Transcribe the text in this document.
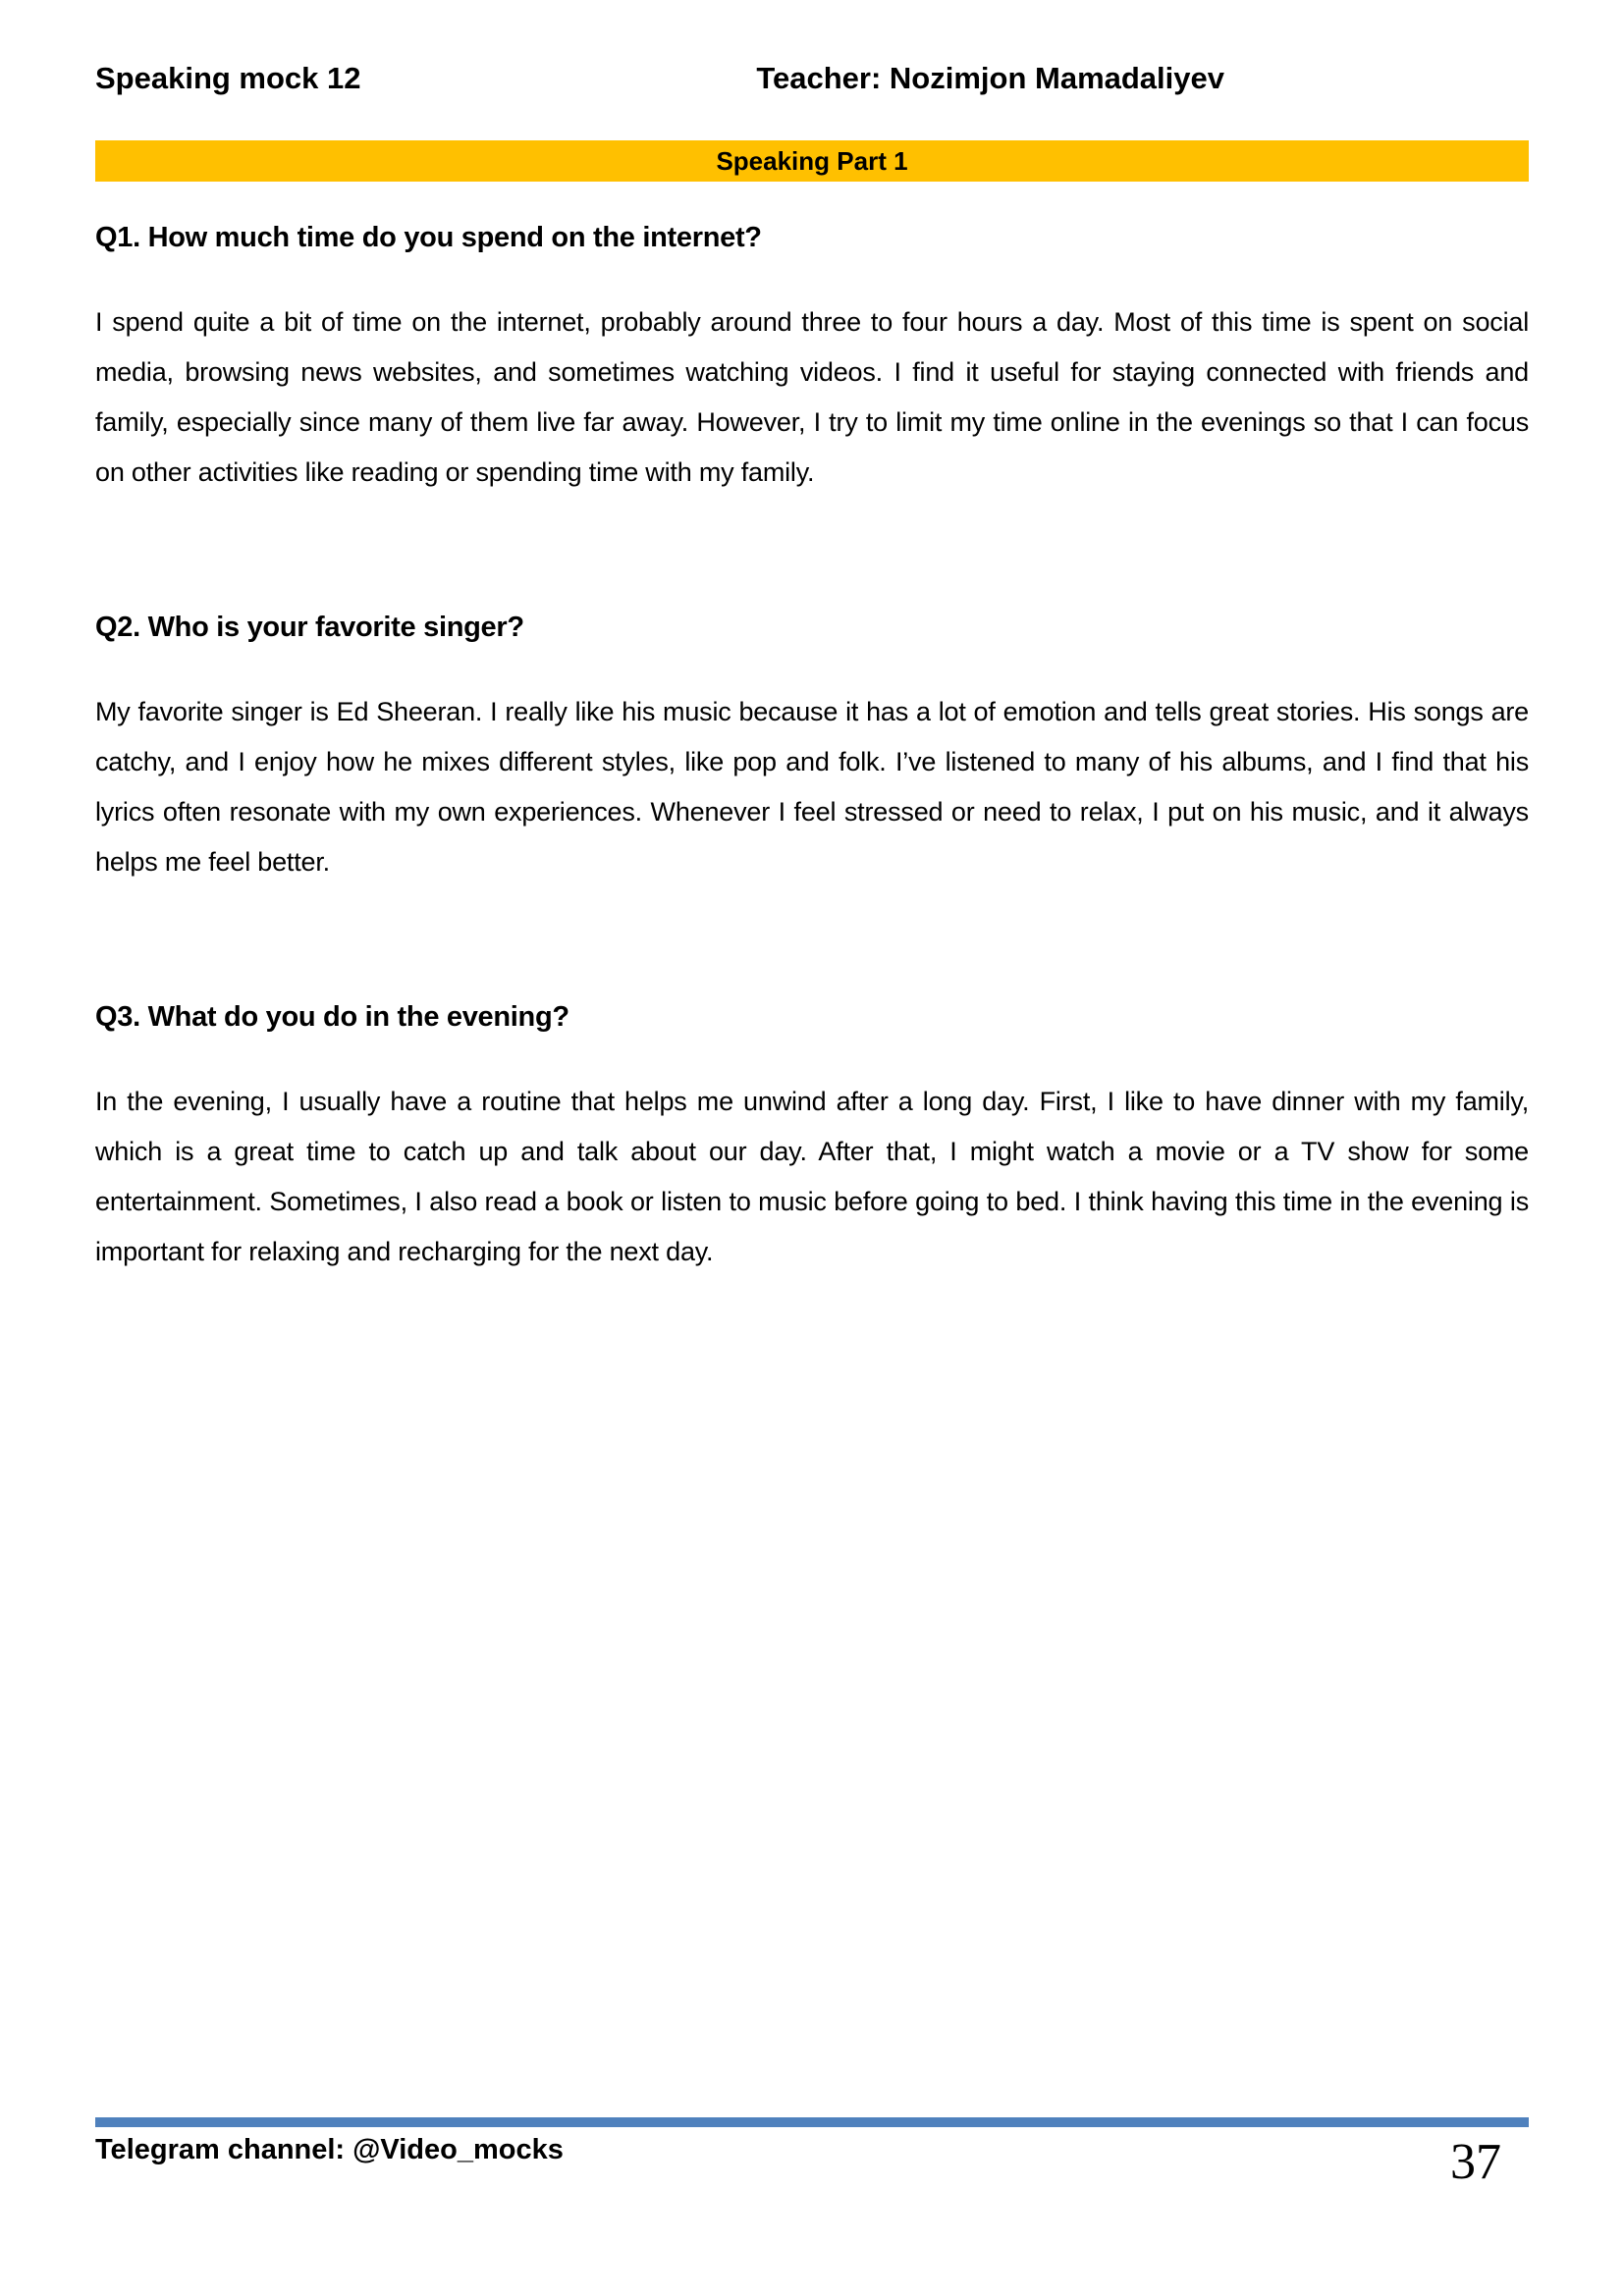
Speaking mock 12	Teacher: Nozimjon Mamadaliyev
Speaking Part 1
Q1. How much time do you spend on the internet?
I spend quite a bit of time on the internet, probably around three to four hours a day. Most of this time is spent on social media, browsing news websites, and sometimes watching videos. I find it useful for staying connected with friends and family, especially since many of them live far away. However, I try to limit my time online in the evenings so that I can focus on other activities like reading or spending time with my family.
Q2. Who is your favorite singer?
My favorite singer is Ed Sheeran. I really like his music because it has a lot of emotion and tells great stories. His songs are catchy, and I enjoy how he mixes different styles, like pop and folk. I’ve listened to many of his albums, and I find that his lyrics often resonate with my own experiences. Whenever I feel stressed or need to relax, I put on his music, and it always helps me feel better.
Q3. What do you do in the evening?
In the evening, I usually have a routine that helps me unwind after a long day. First, I like to have dinner with my family, which is a great time to catch up and talk about our day. After that, I might watch a movie or a TV show for some entertainment. Sometimes, I also read a book or listen to music before going to bed. I think having this time in the evening is important for relaxing and recharging for the next day.
Telegram channel: @Video_mocks	37
